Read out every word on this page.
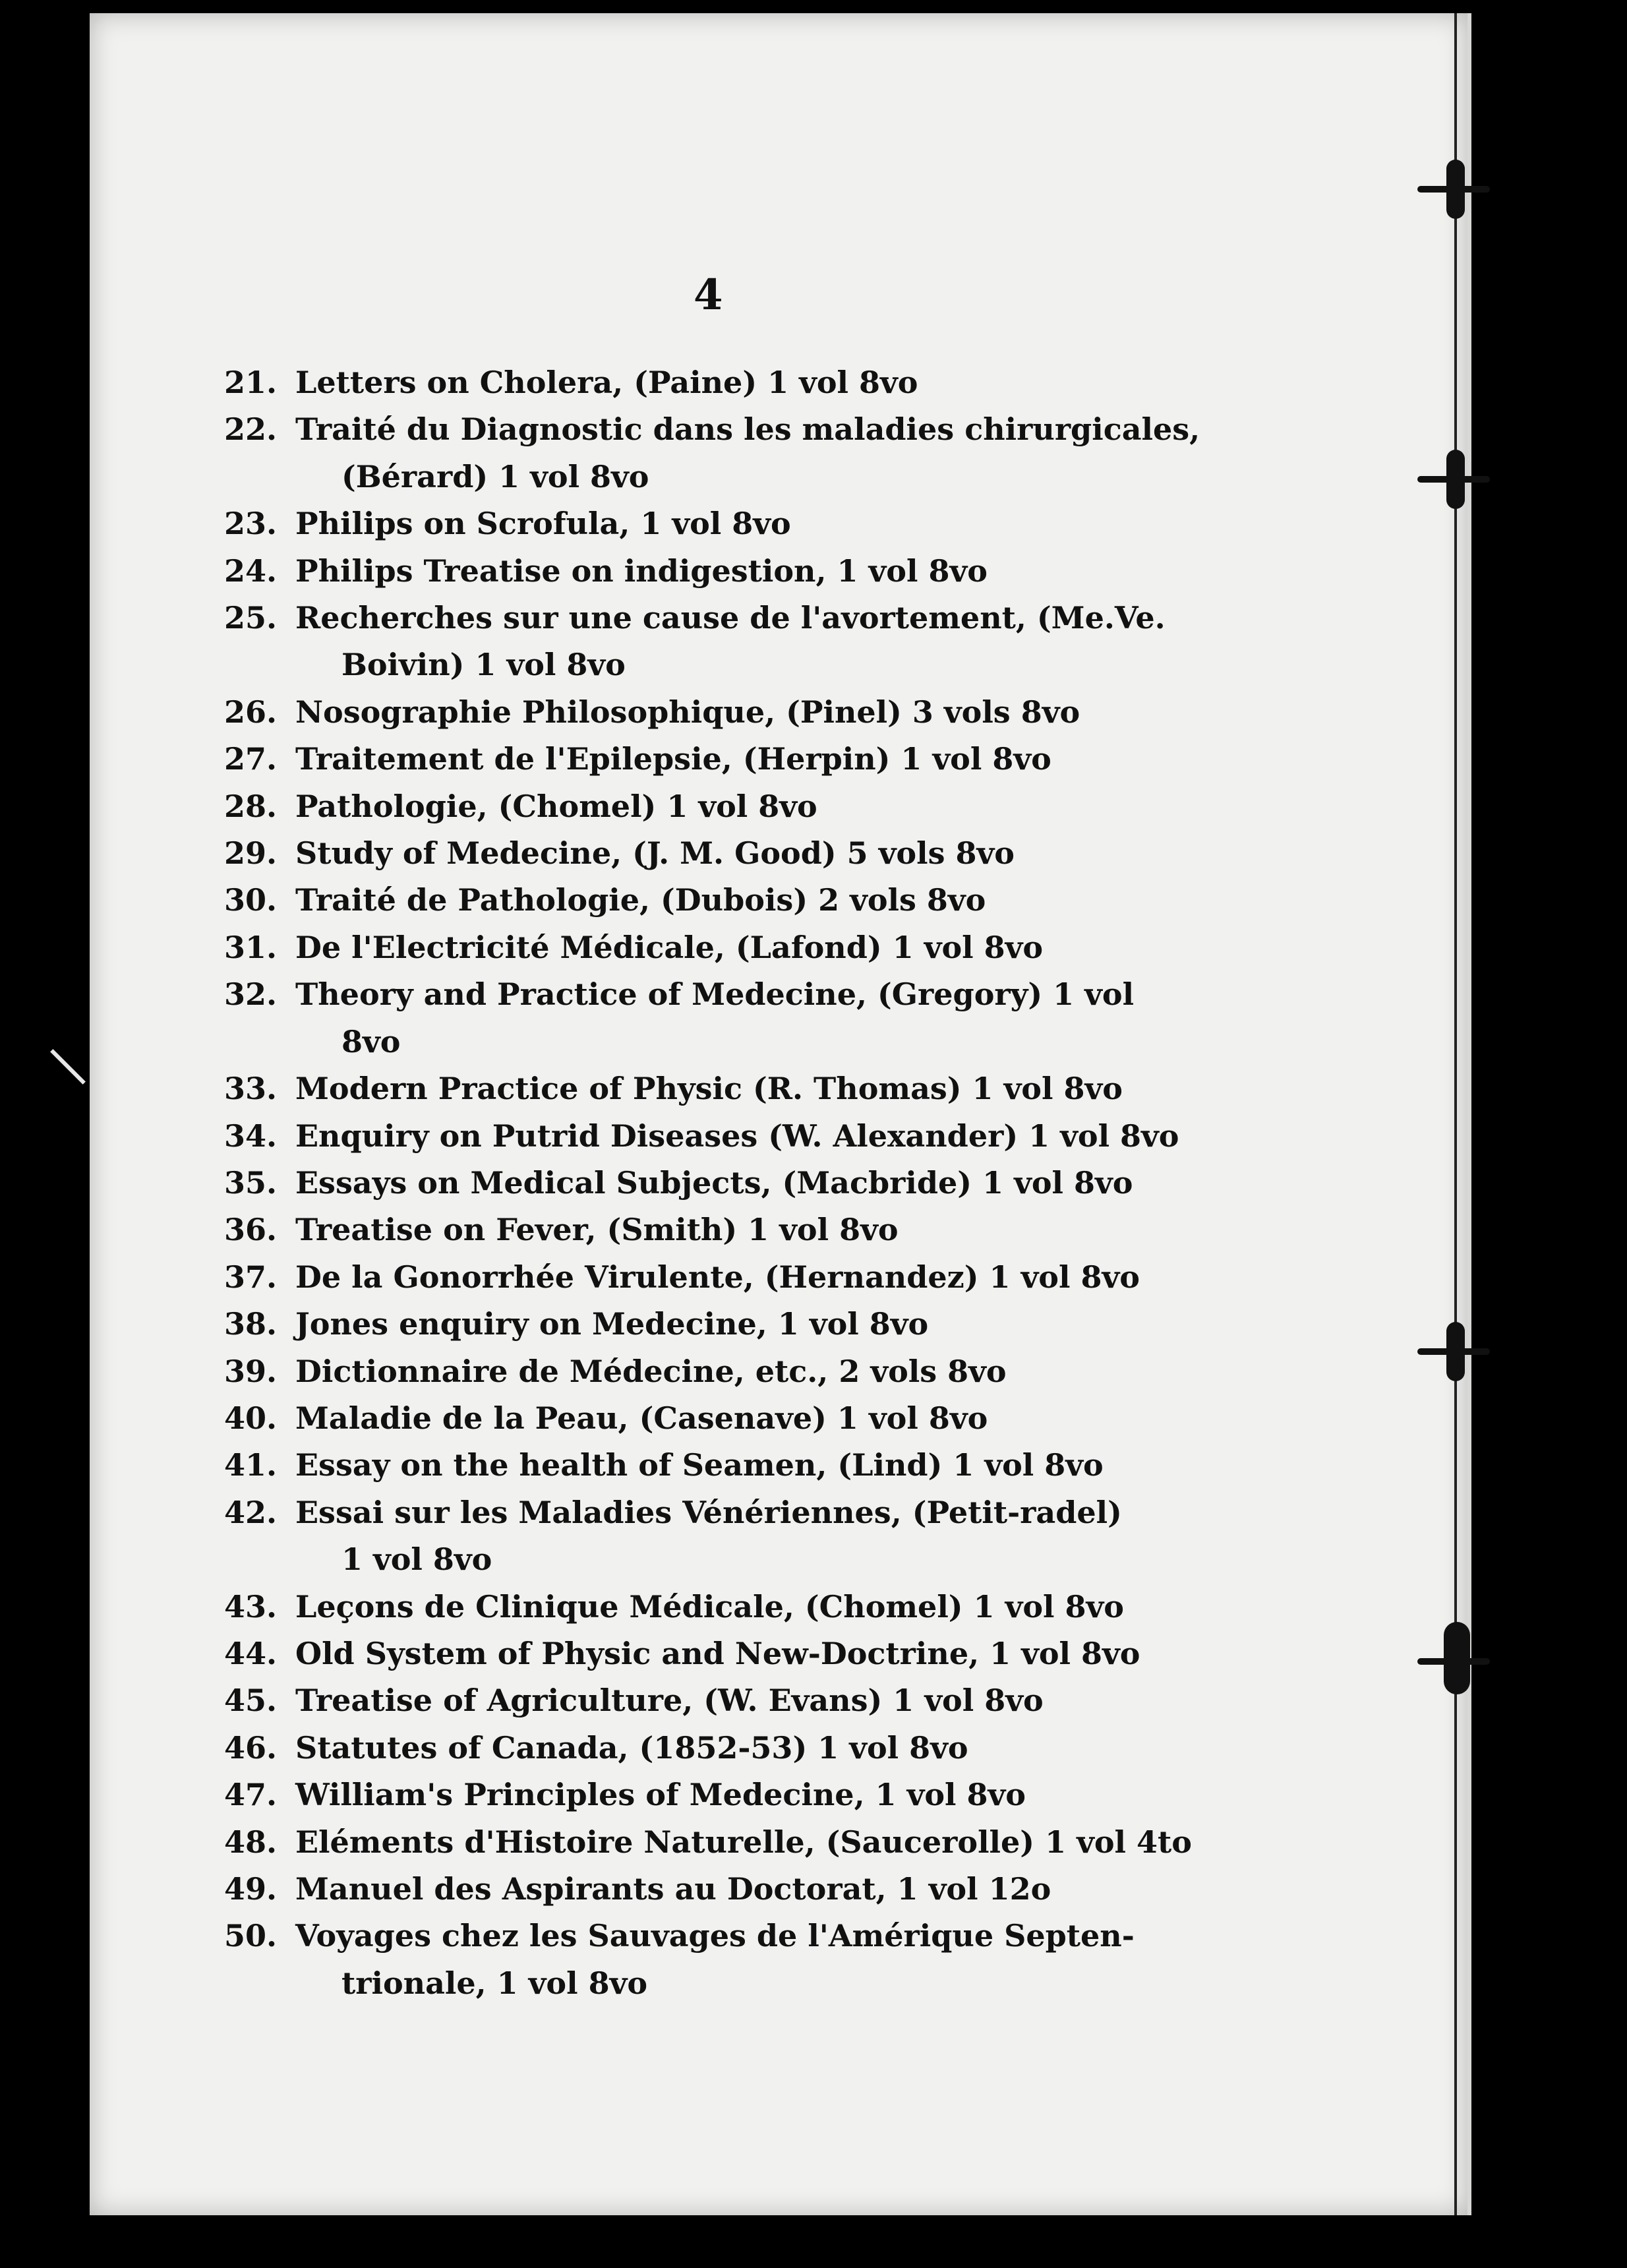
4
21. Letters on Cholera, (Paine) 1 vol 8vo
22. Traité du Diagnostic dans les maladies chirurgicales,
(Bérard) 1 vol 8vo
23. Philips on Scrofula, 1 vol 8vo
24. Philips Treatise on indigestion, 1 vol 8vo
25. Recherches sur une cause de l'avortement, (Me.Ve.
Boivin) 1 vol 8vo
26. Nosographie Philosophique, (Pinel) 3 vols 8vo
27. Traitement de l'Epilepsie, (Herpin) 1 vol 8vo
28. Pathologie, (Chomel) 1 vol 8vo
29. Study of Medecine, (J. M. Good) 5 vols 8vo
30. Traité de Pathologie, (Dubois) 2 vols 8vo
31. De l'Electricité Médicale, (Lafond) 1 vol 8vo
32. Theory and Practice of Medecine, (Gregory) 1 vol
8vo
33. Modern Practice of Physic (R. Thomas) 1 vol 8vo
34. Enquiry on Putrid Diseases (W. Alexander) 1 vol 8vo
35. Essays on Medical Subjects, (Macbride) 1 vol 8vo
36. Treatise on Fever, (Smith) 1 vol 8vo
37. De la Gonorrhée Virulente, (Hernandez) 1 vol 8vo
38. Jones enquiry on Medecine, 1 vol 8vo
39. Dictionnaire de Médecine, etc., 2 vols 8vo
40. Maladie de la Peau, (Casenave) 1 vol 8vo
41. Essay on the health of Seamen, (Lind) 1 vol 8vo
42. Essai sur les Maladies Vénériennes, (Petit-radel)
1 vol 8vo
43. Leçons de Clinique Médicale, (Chomel) 1 vol 8vo
44. Old System of Physic and New-Doctrine, 1 vol 8vo
45. Treatise of Agriculture, (W. Evans) 1 vol 8vo
46. Statutes of Canada, (1852-53) 1 vol 8vo
47. William's Principles of Medecine, 1 vol 8vo
48. Eléments d'Histoire Naturelle, (Saucerolle) 1 vol 4to
49. Manuel des Aspirants au Doctorat, 1 vol 12o
50. Voyages chez les Sauvages de l'Amérique Septen-
trionale, 1 vol 8vo
